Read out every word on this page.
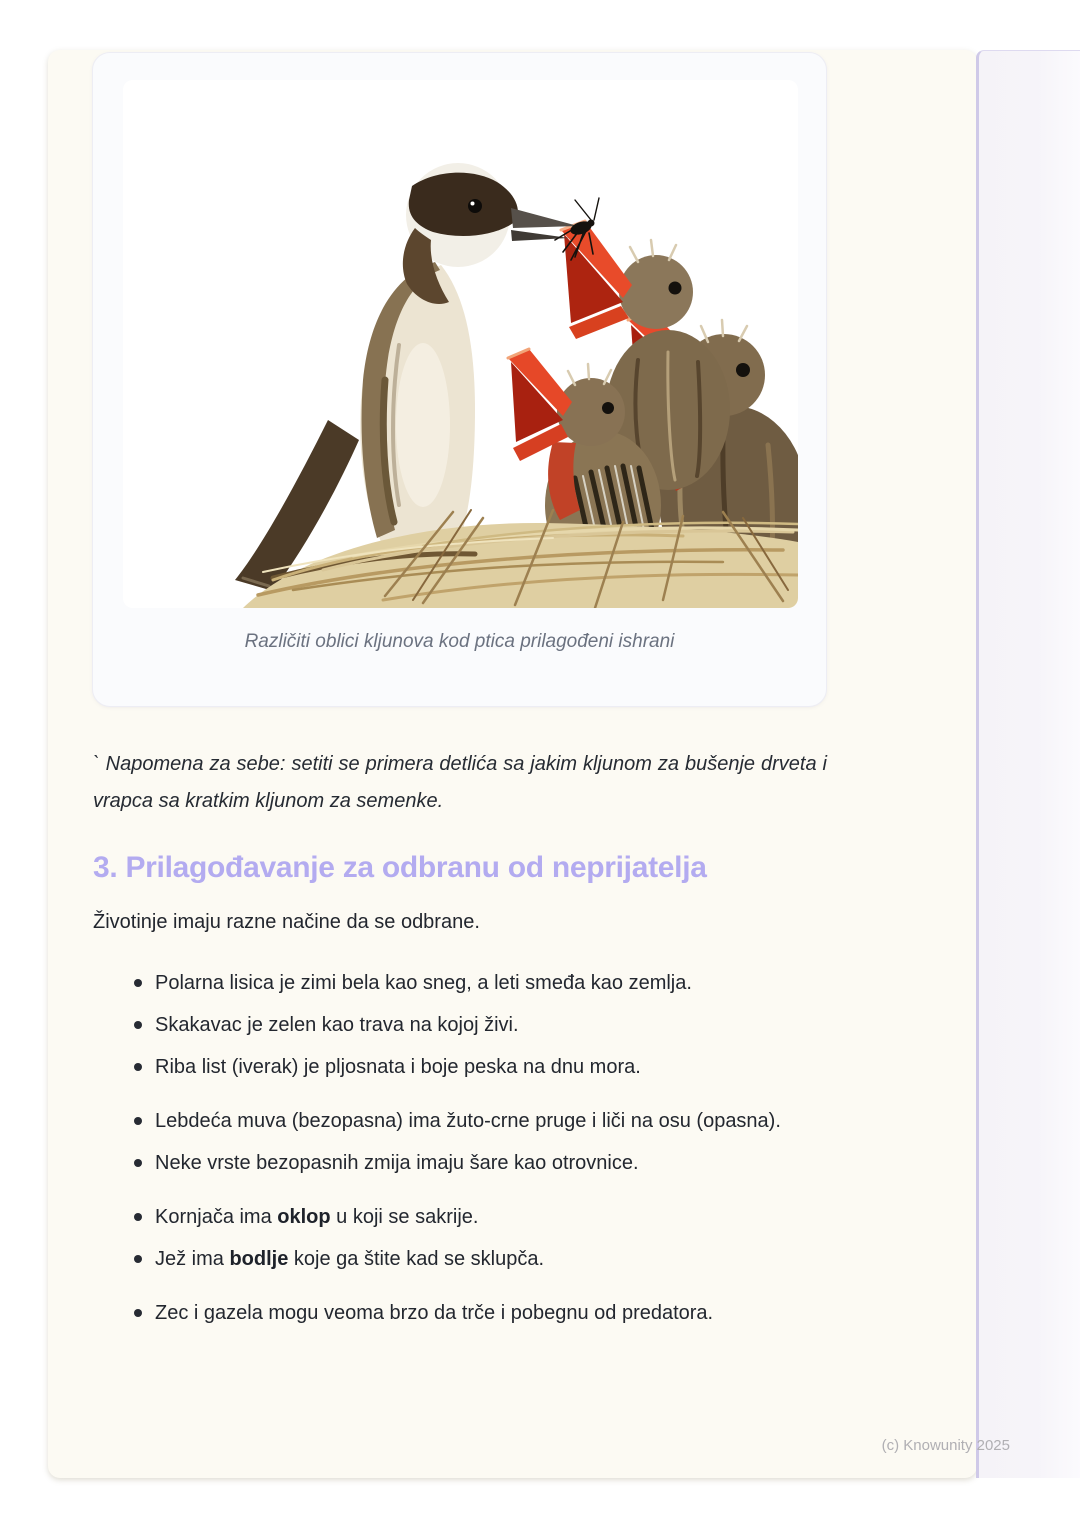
Različiti oblici kljunova kod ptica prilagođeni ishrani

` Napomena za sebe: setiti se primera detlića sa jakim kljunom za bušenje drveta i vrapca sa kratkim kljunom za semenke.

3. Prilagođavanje za odbranu od neprijatelja

Životinje imaju razne načine da se odbrane.

Polarna lisica je zimi bela kao sneg, a leti smeđa kao zemlja.
Skakavac je zelen kao trava na kojoj živi.
Riba list (iverak) je pljosnata i boje peska na dnu mora.
Lebdeća muva (bezopasna) ima žuto-crne pruge i liči na osu (opasna).
Neke vrste bezopasnih zmija imaju šare kao otrovnice.
Kornjača ima oklop u koji se sakrije.
Jež ima bodlje koje ga štite kad se sklupča.
Zec i gazela mogu veoma brzo da trče i pobegnu od predatora.
(c) Knowunity 2025
